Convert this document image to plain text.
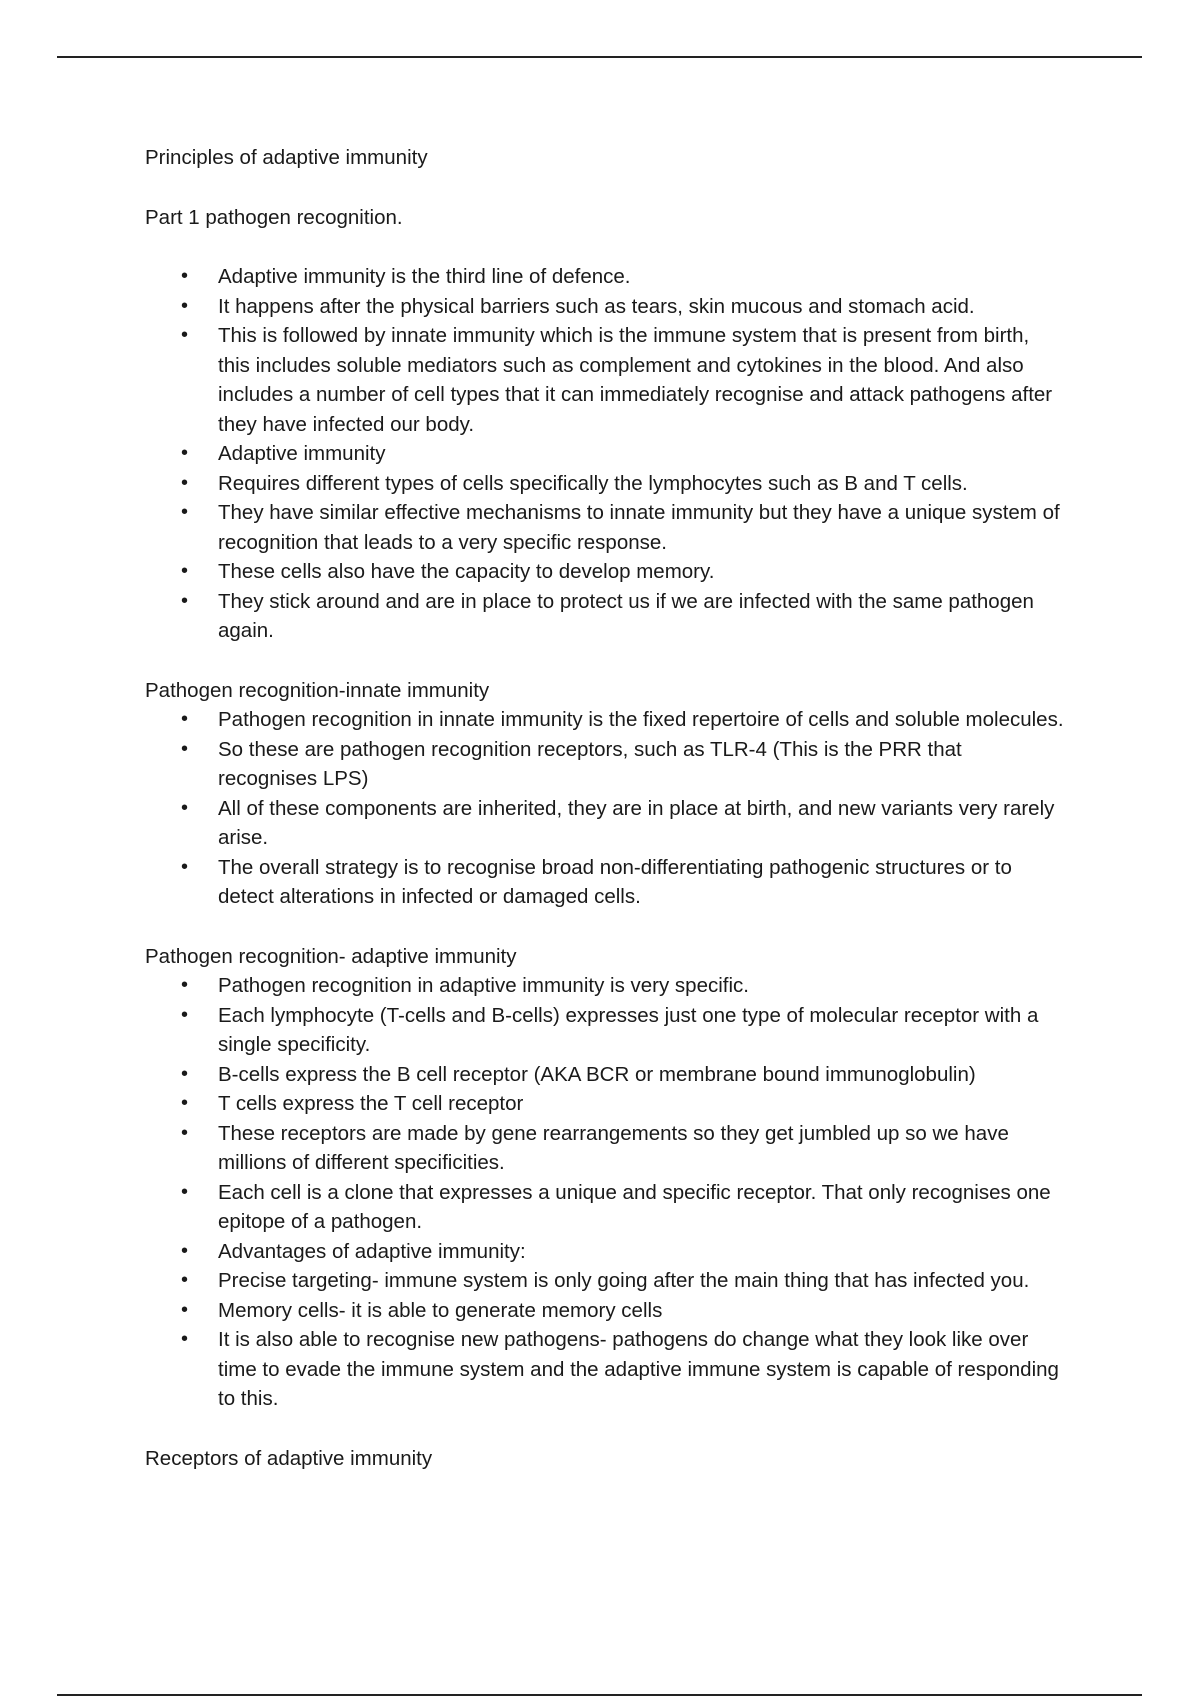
Principles of adaptive immunity

Part 1 pathogen recognition.

• Adaptive immunity is the third line of defence.
• It happens after the physical barriers such as tears, skin mucous and stomach acid.
• This is followed by innate immunity which is the immune system that is present from birth, this includes soluble mediators such as complement and cytokines in the blood. And also includes a number of cell types that it can immediately recognise and attack pathogens after they have infected our body.
• Adaptive immunity
• Requires different types of cells specifically the lymphocytes such as B and T cells.
• They have similar effective mechanisms to innate immunity but they have a unique system of recognition that leads to a very specific response.
• These cells also have the capacity to develop memory.
• They stick around and are in place to protect us if we are infected with the same pathogen again.

Pathogen recognition-innate immunity

• Pathogen recognition in innate immunity is the fixed repertoire of cells and soluble molecules.
• So these are pathogen recognition receptors, such as TLR-4 (This is the PRR that recognises LPS)
• All of these components are inherited, they are in place at birth, and new variants very rarely arise.
• The overall strategy is to recognise broad non-differentiating pathogenic structures or to detect alterations in infected or damaged cells.

Pathogen recognition- adaptive immunity

• Pathogen recognition in adaptive immunity is very specific.
• Each lymphocyte (T-cells and B-cells) expresses just one type of molecular receptor with a single specificity.
• B-cells express the B cell receptor (AKA BCR or membrane bound immunoglobulin)
• T cells express the T cell receptor
• These receptors are made by gene rearrangements so they get jumbled up so we have millions of different specificities.
• Each cell is a clone that expresses a unique and specific receptor. That only recognises one epitope of a pathogen.
• Advantages of adaptive immunity:
• Precise targeting- immune system is only going after the main thing that has infected you.
• Memory cells- it is able to generate memory cells
• It is also able to recognise new pathogens- pathogens do change what they look like over time to evade the immune system and the adaptive immune system is capable of responding to this.

Receptors of adaptive immunity
